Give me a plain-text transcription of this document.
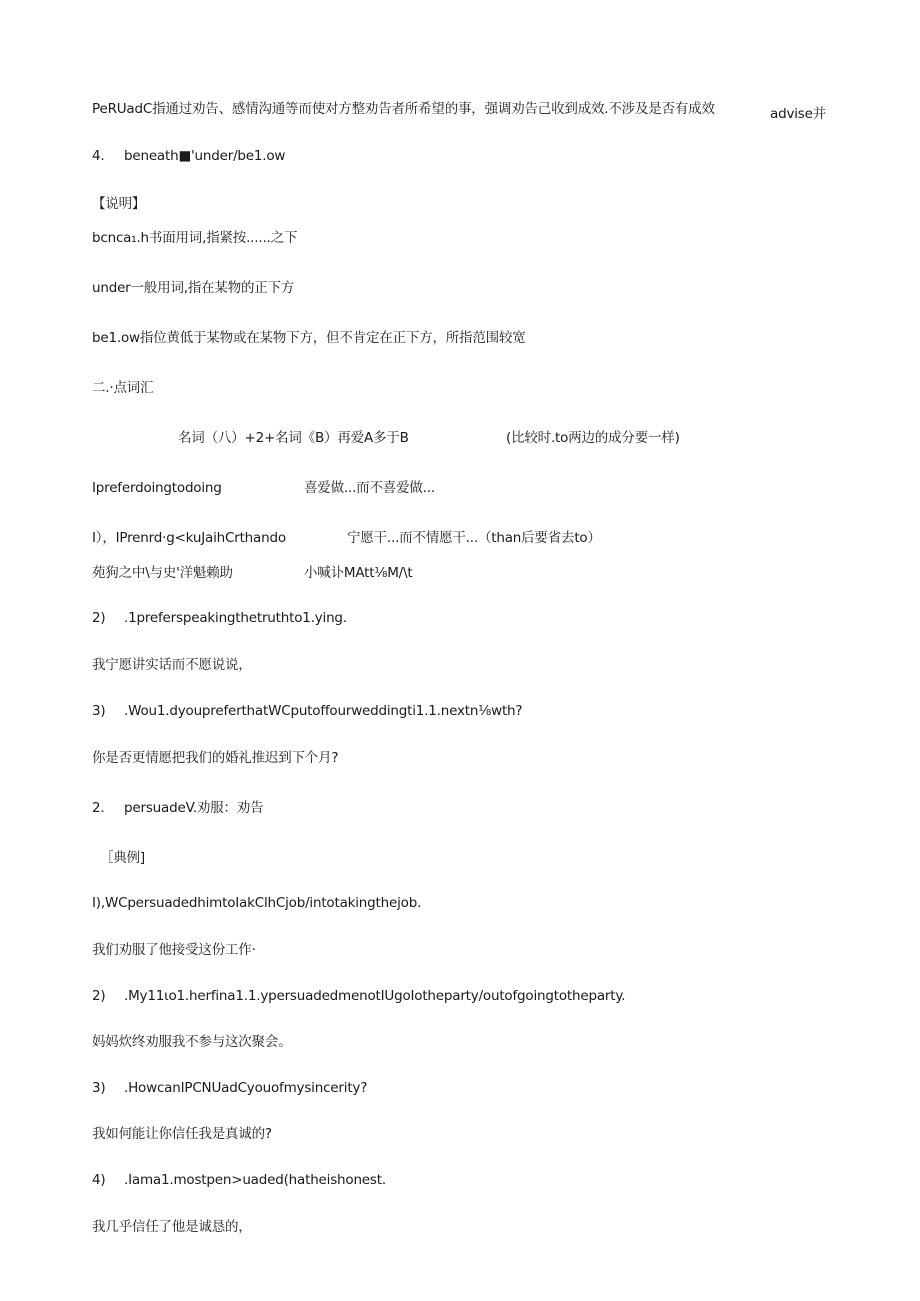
PeRUadC指通过劝告、感情沟通等而使对方整劝告者所希望的事，强调劝告己收到成效.不涉及是否有成效	advise并
4. beneath■'under/be1.ow
【说明】
bcnca₁.h书面用词,指紧按......之下
under一般用词,指在某物的正下方
be1.ow指位黄低于某物或在某物下方，但不肯定在正下方，所指范围较宽
二.·点词汇
名词（八）+2+名词《B）再爱A多于B	(比较时.to两边的成分要一样)
Ipreferdoingtodoing	喜爱做...而不喜爱做...
I），IPrenrd·g<kuJaihCrthando	宁愿干...而不情愿干...（than后要省去to）
苑狗之中\与史'洋魁赖助	小喊讣MAtt⅛M∕\t
2) .1preferspeakingthetruthto1.ying.
我宁愿讲实话而不愿说说，
3) .Wou1.dyoupreferthatWCputoffourweddingti1.1.nextn⅛wth?
你是否更情愿把我们的婚礼推迟到下个月?
2. persuadeV.劝服：劝告
［典例]
I),WCpersuadedhimtoIakClhCjob/intotakingthejob.
我们劝服了他接受这份工作·
2) .My11ιo1.herfina1.1.ypersuadedmenotIUgoIotheparty/outofgoingtotheparty.
妈妈炊终劝服我不参与这次聚会。
3) .HowcanIPCNUadCyouofmysincerity?
我如何能让你信任我是真诚的?
4) .Iama1.mostpen>uaded(hatheishonest.
我几乎信任了他是诚恳的，
